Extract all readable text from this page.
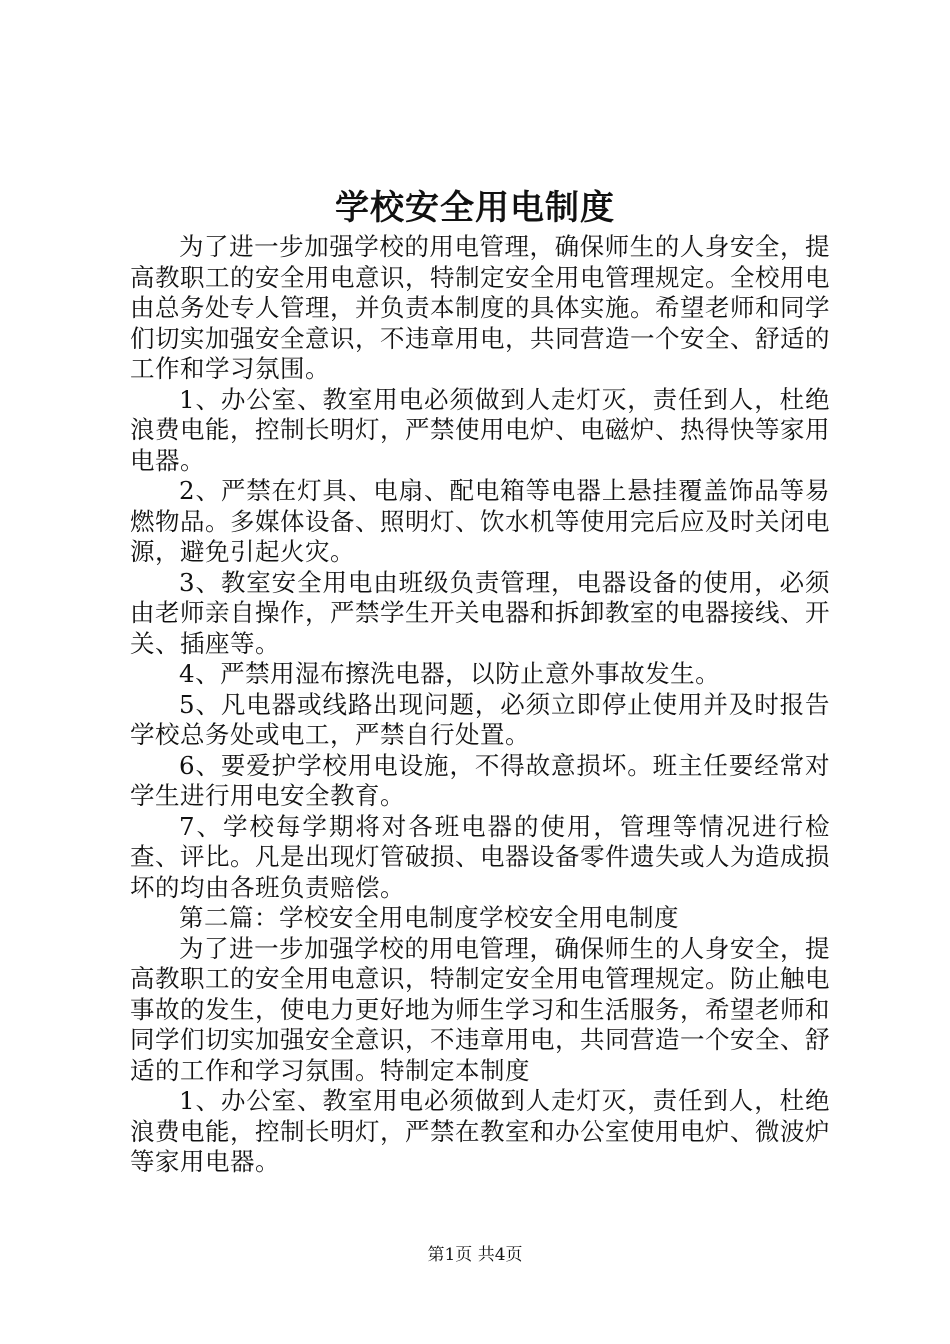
学校安全用电制度

为了进一步加强学校的用电管理，确保师生的人身安全，提高教职工的安全用电意识，特制定安全用电管理规定。全校用电由总务处专人管理，并负责本制度的具体实施。希望老师和同学们切实加强安全意识，不违章用电，共同营造一个安全、舒适的工作和学习氛围。

1、办公室、教室用电必须做到人走灯灭，责任到人，杜绝浪费电能，控制长明灯，严禁使用电炉、电磁炉、热得快等家用电器。

2、严禁在灯具、电扇、配电箱等电器上悬挂覆盖饰品等易燃物品。多媒体设备、照明灯、饮水机等使用完后应及时关闭电源，避免引起火灾。

3、教室安全用电由班级负责管理，电器设备的使用，必须由老师亲自操作，严禁学生开关电器和拆卸教室的电器接线、开关、插座等。

4、严禁用湿布擦洗电器，以防止意外事故发生。

5、凡电器或线路出现问题，必须立即停止使用并及时报告学校总务处或电工，严禁自行处置。

6、要爱护学校用电设施，不得故意损坏。班主任要经常对学生进行用电安全教育。

7、学校每学期将对各班电器的使用，管理等情况进行检查、评比。凡是出现灯管破损、电器设备零件遗失或人为造成损坏的均由各班负责赔偿。

第二篇：学校安全用电制度学校安全用电制度

为了进一步加强学校的用电管理，确保师生的人身安全，提高教职工的安全用电意识，特制定安全用电管理规定。防止触电事故的发生，使电力更好地为师生学习和生活服务，希望老师和同学们切实加强安全意识，不违章用电，共同营造一个安全、舒适的工作和学习氛围。特制定本制度

1、办公室、教室用电必须做到人走灯灭，责任到人，杜绝浪费电能，控制长明灯，严禁在教室和办公室使用电炉、微波炉等家用电器。

第1页 共4页
